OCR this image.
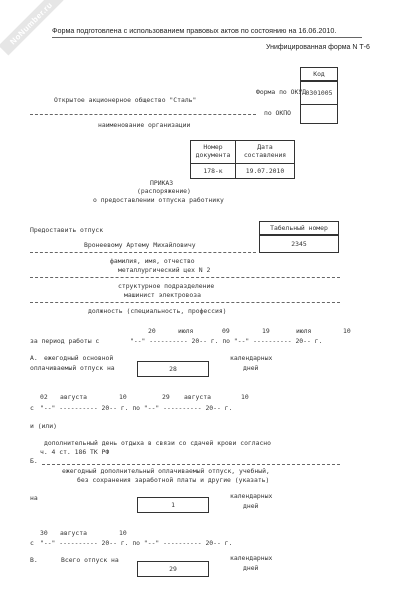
NoNumber.ru
Форма подготовлена с использованием правовых актов по состоянию на 16.06.2010.
Унифицированная форма N Т-6
Код
0301005
Форма по ОКУД
по ОКПО
Открытое акционерное общество "Сталь"
наименование организации
Номер документа
Дата составления
178-к	19.07.2010
ПРИКАЗ
(распоряжение)
о предоставлении отпуска работнику
Предоставить отпуск	Табельный номер
2345
Вронеевому Артему Михайловичу
фамилия, имя, отчество
металлургический цех N 2
структурное подразделение
машинист электровоза
должность (специальность, профессия)
20	июля	09	19	июля	10
за период работы с	"--" ---------- 20-- г. по "--" ---------- 20-- г.
А. ежегодный основной
оплачиваемый отпуск на	28
календарных
дней
02 августа	10	29 августа	10
с "--" ---------- 20-- г. по "--" ---------- 20-- г.
и (или)
дополнительный день отдыха в связи со сдачей крови согласно
ч. 4 ст. 186 ТК РФ
Б.
ежегодный дополнительный оплачиваемый отпуск, учебный,
без сохранения заработной платы и другие (указать)
на
1
календарных
дней
30 августа	10
с "--" ---------- 20-- г. по "--" ---------- 20-- г.
В.	Всего отпуск на
29
календарных
дней
